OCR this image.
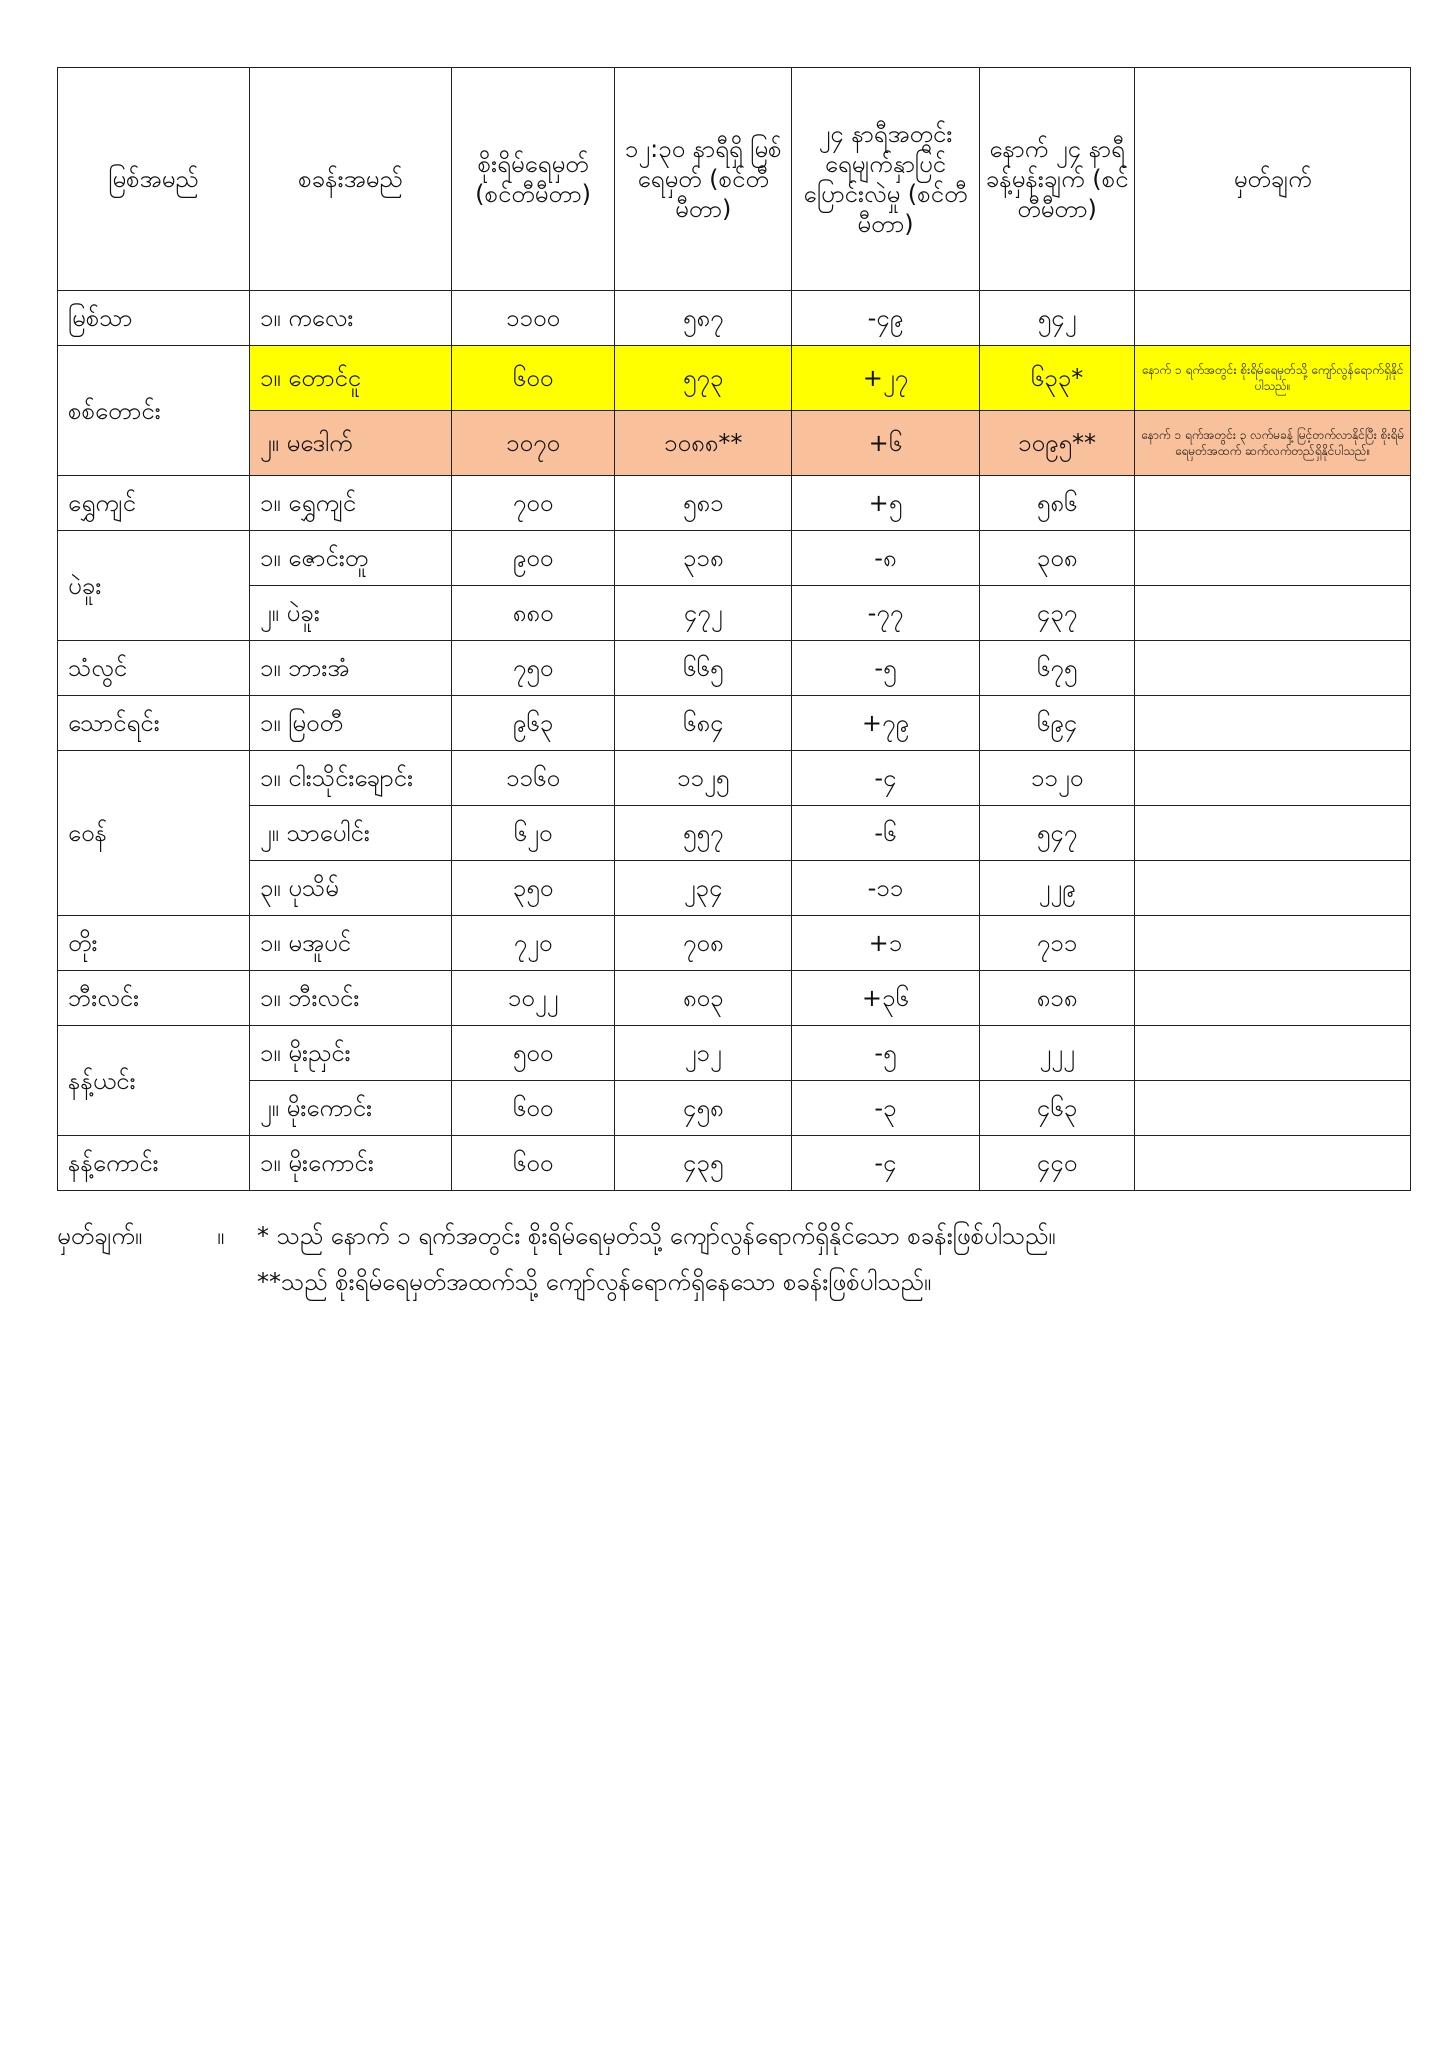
မြစ်အမည်	စခန်းအမည်	စိုးရိမ်ရေမှတ် (စင်တီမီတာ)	၁၂:၃၀ နာရီရှိ မြစ်ရေမှတ် (စင်တီမီတာ)	၂၄ နာရီအတွင်း ရေမျက်နှာပြင် ပြောင်းလဲမှု (စင်တီမီတာ)	နောက် ၂၄ နာရီ ခန့်မှန်းချက် (စင်တီမီတာ)	မှတ်ချက်
မြစ်သာ	၁။ ကလေး	၁၁၀၀	၅၈၇	-၄၉	၅၄၂	
စစ်တောင်း	၁။ တောင်ငူ	၆၀၀	၅၇၃	+၂၇	၆၃၃*	နောက် ၁ ရက်အတွင်း စိုးရိမ်ရေမှတ်သို့ ကျော်လွန်ရောက်ရှိနိုင်ပါသည်။
	၂။ မဒေါက်	၁၀၇၀	၁၀၈၈**	+၆	၁၀၉၅**	နောက် ၁ ရက်အတွင်း ၃ လက်မခန့် မြင့်တက်လာနိုင်ပြီး စိုးရိမ်ရေမှတ်အထက် ဆက်လက်တည်ရှိနိုင်ပါသည်။
ရွှေကျင်	၁။ ရွှေကျင်	၇၀၀	၅၈၁	+၅	၅၈၆	
ပဲခူး	၁။ ဇောင်းတူ	၉၀၀	၃၁၈	-၈	၃၀၈	
	၂။ ပဲခူး	၈၈၀	၄၇၂	-၇၇	၄၃၇	
သံလွင်	၁။ ဘားအံ	၇၅၀	၆၆၅	-၅	၆၇၅	
သောင်ရင်း	၁။ မြဝတီ	၉၆၃	၆၈၄	+၇၉	၆၉၄	
ဝေန်	၁။ ငါးသိုင်းချောင်း	၁၁၆၀	၁၁၂၅	-၄	၁၁၂၀	
	၂။ သာပေါင်း	၆၂၀	၅၅၇	-၆	၅၄၇	
	၃။ ပုသိမ်	၃၅၀	၂၃၄	-၁၁	၂၂၉	
တိုး	၁။ မအူပင်	၇၂၀	၇၀၈	+၁	၇၁၁	
ဘီးလင်း	၁။ ဘီးလင်း	၁၀၂၂	၈၀၃	+၃၆	၈၁၈	
နန့်ယင်း	၁။ မိုးညှင်း	၅၀၀	၂၁၂	-၅	၂၂၂	
	၂။ မိုးကောင်း	၆၀၀	၄၅၈	-၃	၄၆၃	
နန့်ကောင်း	၁။ မိုးကောင်း	၆၀၀	၄၃၅	-၄	၄၄၀	
မှတ်ချက်။	။ * သည် နောက် ၁ ရက်အတွင်း စိုးရိမ်ရေမှတ်သို့ ကျော်လွန်ရောက်ရှိနိုင်သော စခန်းဖြစ်ပါသည်။
**သည် စိုးရိမ်ရေမှတ်အထက်သို့ ကျော်လွန်ရောက်ရှိနေသော စခန်းဖြစ်ပါသည်။
